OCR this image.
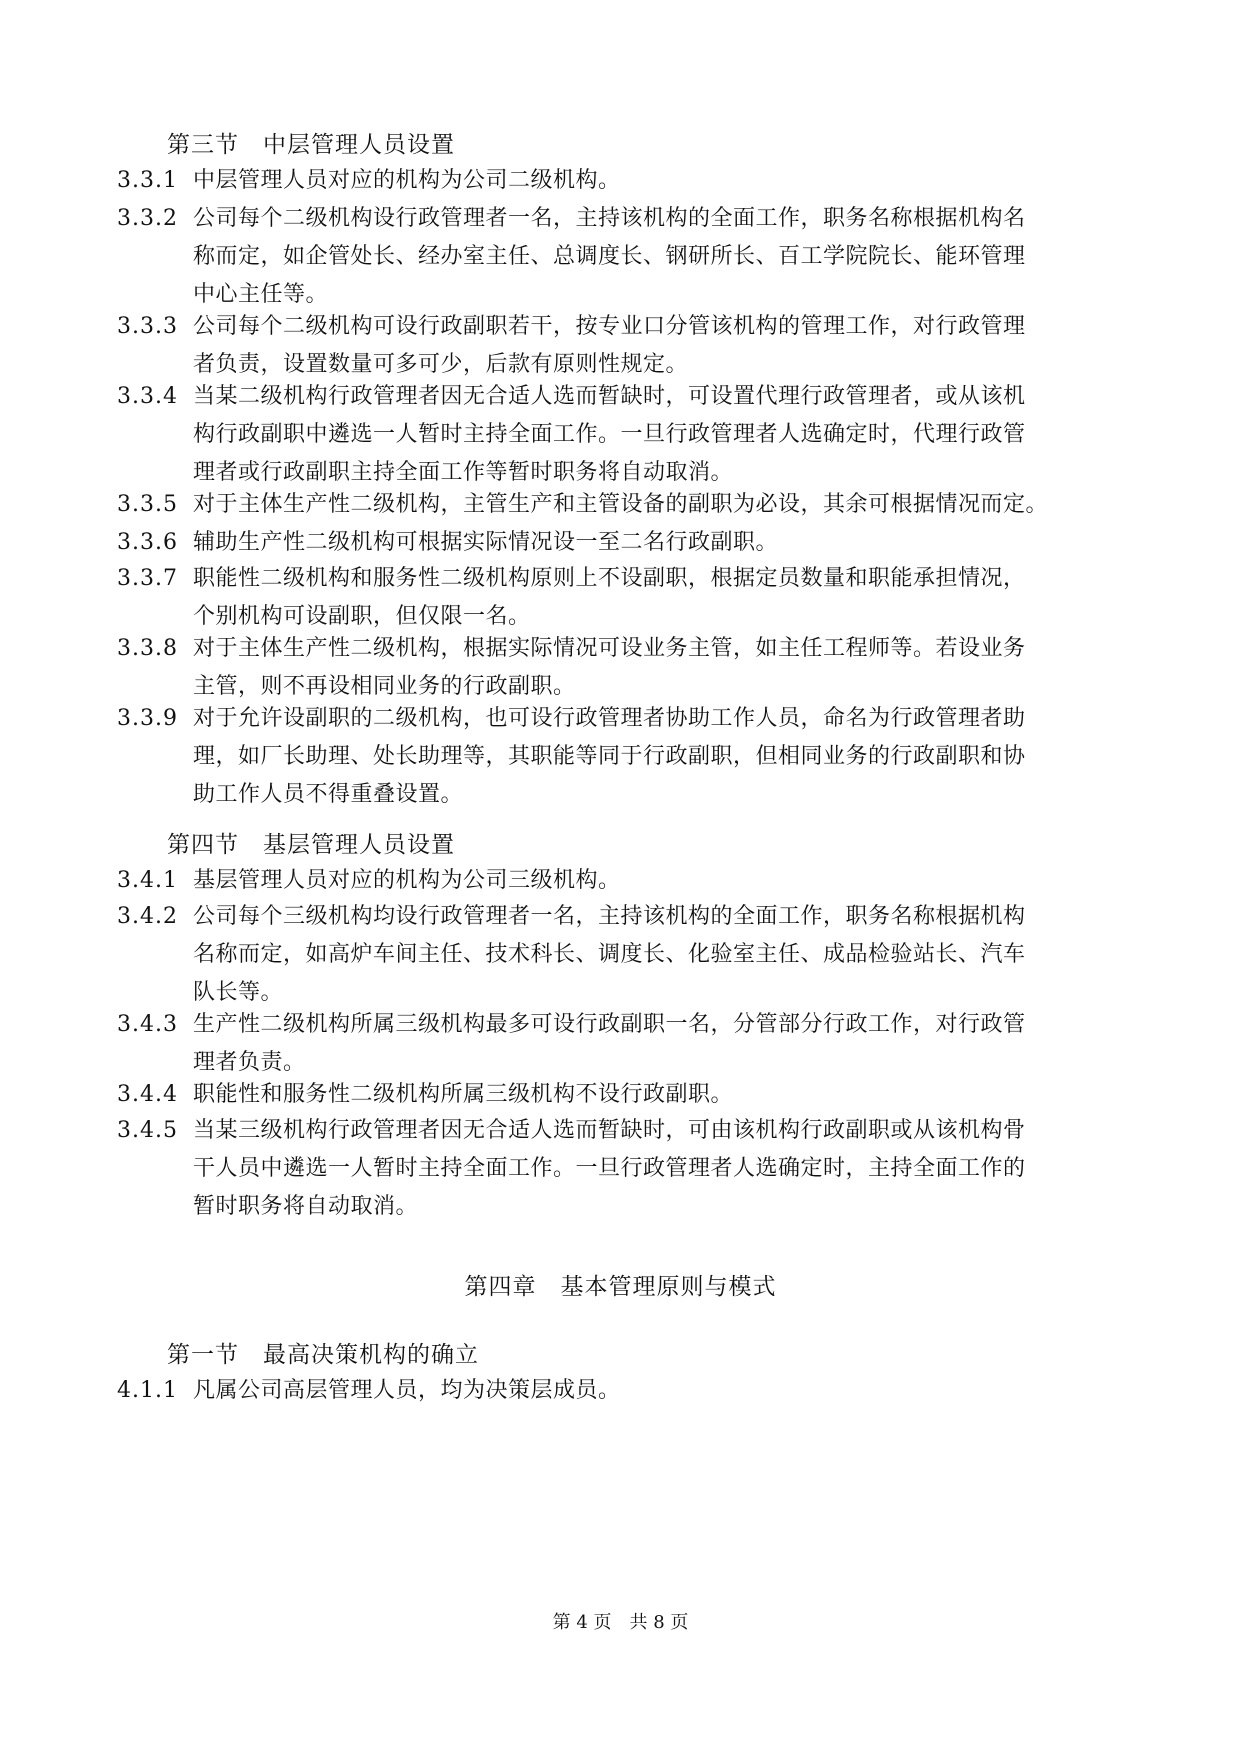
第三节　中层管理人员设置
3.3.1 中层管理人员对应的机构为公司二级机构。
3.3.2 公司每个二级机构设行政管理者一名，主持该机构的全面工作，职务名称根据机构名
称而定，如企管处长、经办室主任、总调度长、钢研所长、百工学院院长、能环管理
中心主任等。
3.3.3 公司每个二级机构可设行政副职若干，按专业口分管该机构的管理工作，对行政管理
者负责，设置数量可多可少，后款有原则性规定。
3.3.4 当某二级机构行政管理者因无合适人选而暂缺时，可设置代理行政管理者，或从该机
构行政副职中遴选一人暂时主持全面工作。一旦行政管理者人选确定时，代理行政管
理者或行政副职主持全面工作等暂时职务将自动取消。
3.3.5 对于主体生产性二级机构，主管生产和主管设备的副职为必设，其余可根据情况而定。
3.3.6 辅助生产性二级机构可根据实际情况设一至二名行政副职。
3.3.7 职能性二级机构和服务性二级机构原则上不设副职，根据定员数量和职能承担情况，
个别机构可设副职，但仅限一名。
3.3.8 对于主体生产性二级机构，根据实际情况可设业务主管，如主任工程师等。若设业务
主管，则不再设相同业务的行政副职。
3.3.9 对于允许设副职的二级机构，也可设行政管理者协助工作人员，命名为行政管理者助
理，如厂长助理、处长助理等，其职能等同于行政副职，但相同业务的行政副职和协
助工作人员不得重叠设置。
第四节　基层管理人员设置
3.4.1 基层管理人员对应的机构为公司三级机构。
3.4.2 公司每个三级机构均设行政管理者一名，主持该机构的全面工作，职务名称根据机构
名称而定，如高炉车间主任、技术科长、调度长、化验室主任、成品检验站长、汽车
队长等。
3.4.3 生产性二级机构所属三级机构最多可设行政副职一名，分管部分行政工作，对行政管
理者负责。
3.4.4 职能性和服务性二级机构所属三级机构不设行政副职。
3.4.5 当某三级机构行政管理者因无合适人选而暂缺时，可由该机构行政副职或从该机构骨
干人员中遴选一人暂时主持全面工作。一旦行政管理者人选确定时，主持全面工作的
暂时职务将自动取消。
第四章　基本管理原则与模式
第一节　最高决策机构的确立
4.1.1 凡属公司高层管理人员，均为决策层成员。
第 4 页　共 8 页
